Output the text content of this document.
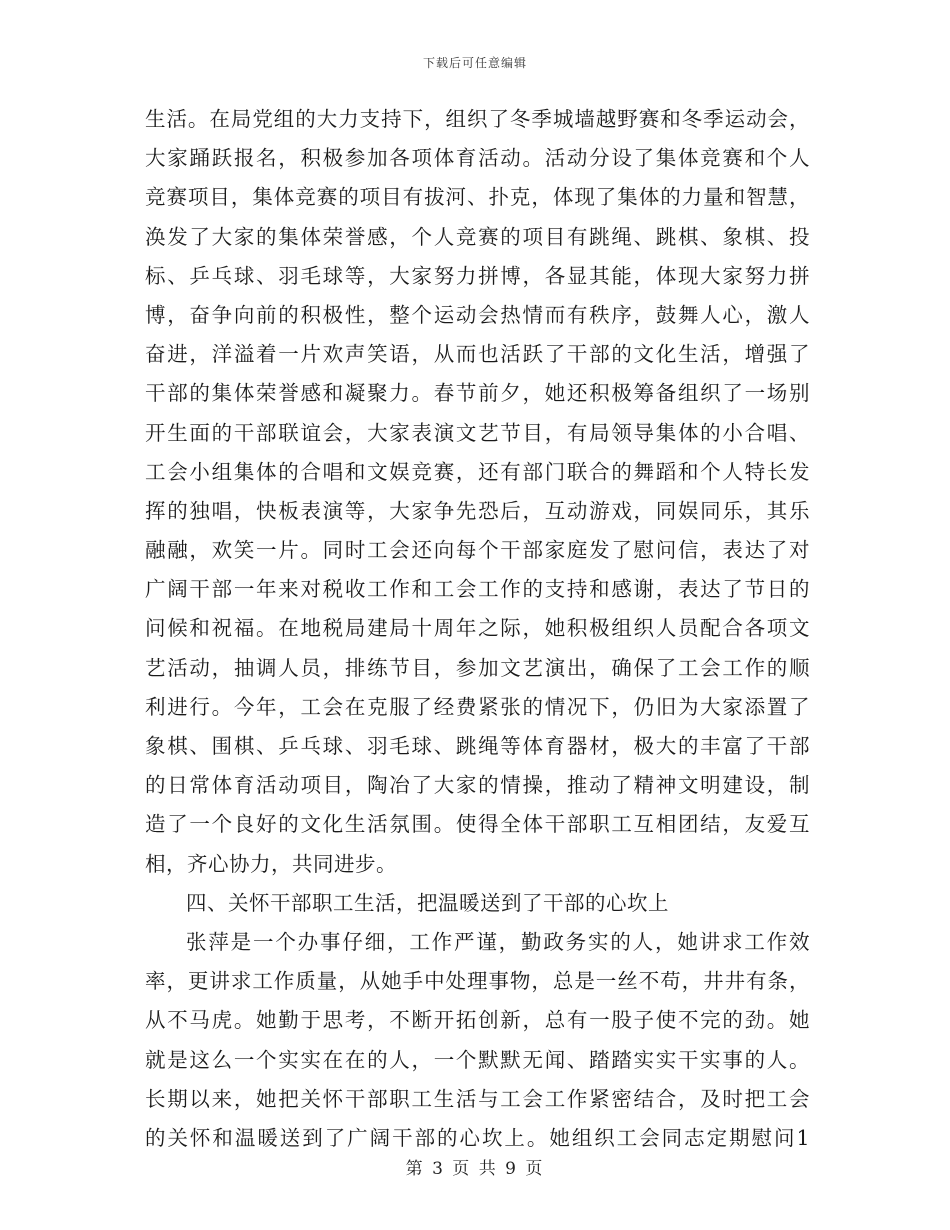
下载后可任意编辑
生活。在局党组的大力支持下，组织了冬季城墙越野赛和冬季运动会，
大家踊跃报名，积极参加各项体育活动。活动分设了集体竞赛和个人
竞赛项目，集体竞赛的项目有拔河、扑克，体现了集体的力量和智慧，
涣发了大家的集体荣誉感，个人竞赛的项目有跳绳、跳棋、象棋、投
标、乒乓球、羽毛球等，大家努力拼博，各显其能，体现大家努力拼
博，奋争向前的积极性，整个运动会热情而有秩序，鼓舞人心，激人
奋进，洋溢着一片欢声笑语，从而也活跃了干部的文化生活，增强了
干部的集体荣誉感和凝聚力。春节前夕，她还积极筹备组织了一场别
开生面的干部联谊会，大家表演文艺节目，有局领导集体的小合唱、
工会小组集体的合唱和文娱竞赛，还有部门联合的舞蹈和个人特长发
挥的独唱，快板表演等，大家争先恐后，互动游戏，同娱同乐，其乐
融融，欢笑一片。同时工会还向每个干部家庭发了慰问信，表达了对
广阔干部一年来对税收工作和工会工作的支持和感谢，表达了节日的
问候和祝福。在地税局建局十周年之际，她积极组织人员配合各项文
艺活动，抽调人员，排练节目，参加文艺演出，确保了工会工作的顺
利进行。今年，工会在克服了经费紧张的情况下，仍旧为大家添置了
象棋、围棋、乒乓球、羽毛球、跳绳等体育器材，极大的丰富了干部
的日常体育活动项目，陶冶了大家的情操，推动了精神文明建设，制
造了一个良好的文化生活氛围。使得全体干部职工互相团结，友爱互
相，齐心协力，共同进步。
四、关怀干部职工生活，把温暖送到了干部的心坎上
张萍是一个办事仔细，工作严谨，勤政务实的人，她讲求工作效
率，更讲求工作质量，从她手中处理事物，总是一丝不苟，井井有条，
从不马虎。她勤于思考，不断开拓创新，总有一股子使不完的劲。她
就是这么一个实实在在的人，一个默默无闻、踏踏实实干实事的人。
长期以来，她把关怀干部职工生活与工会工作紧密结合，及时把工会
的关怀和温暖送到了广阔干部的心坎上。她组织工会同志定期慰问1
第 3 页 共 9 页
